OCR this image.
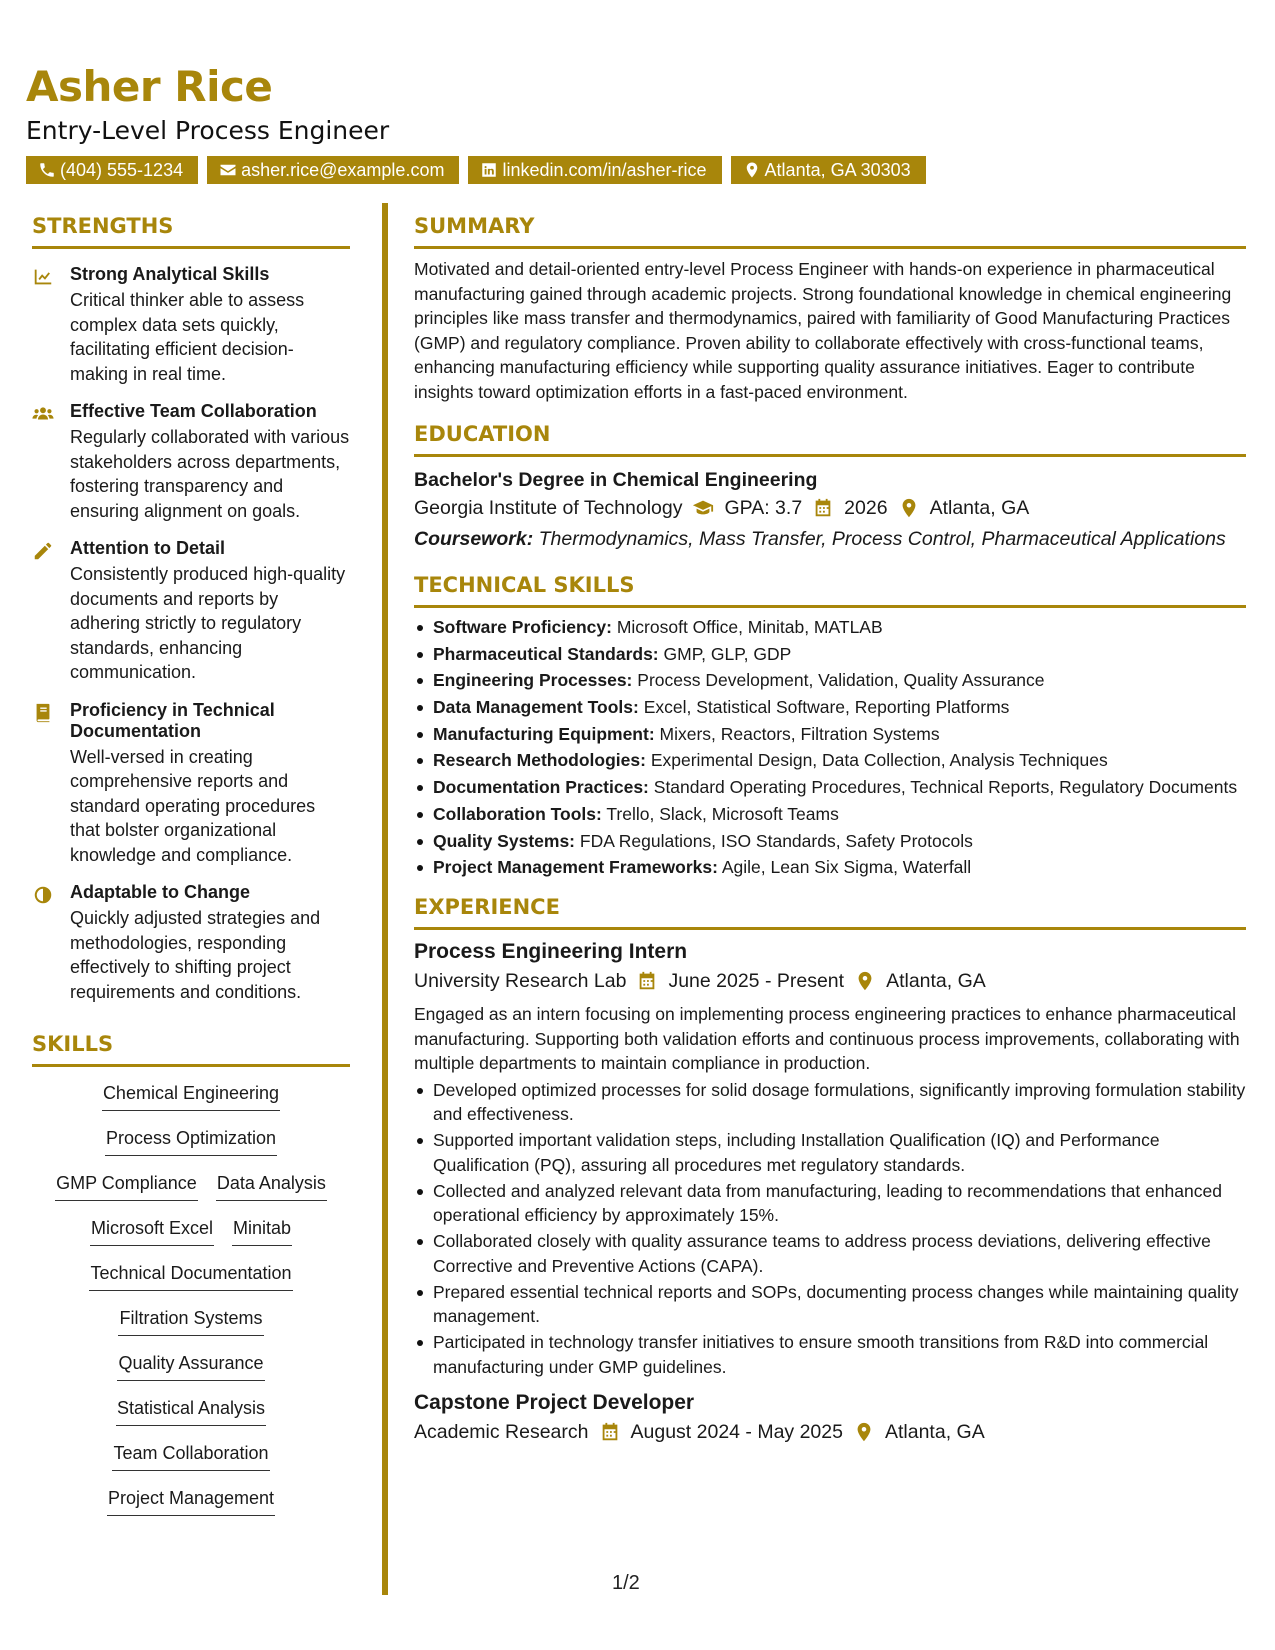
Asher Rice
Entry-Level Process Engineer
(404) 555-1234	asher.rice@example.com	linkedin.com/in/asher-rice	Atlanta, GA 30303
STRENGTHS
Strong Analytical Skills
Critical thinker able to assess complex data sets quickly, facilitating efficient decision-making in real time.
Effective Team Collaboration
Regularly collaborated with various stakeholders across departments, fostering transparency and ensuring alignment on goals.
Attention to Detail
Consistently produced high-quality documents and reports by adhering strictly to regulatory standards, enhancing communication.
Proficiency in Technical Documentation
Well-versed in creating comprehensive reports and standard operating procedures that bolster organizational knowledge and compliance.
Adaptable to Change
Quickly adjusted strategies and methodologies, responding effectively to shifting project requirements and conditions.
SKILLS
Chemical Engineering
Process Optimization
GMP Compliance Data Analysis
Microsoft Excel Minitab
Technical Documentation
Filtration Systems
Quality Assurance
Statistical Analysis
Team Collaboration
Project Management
SUMMARY
Motivated and detail-oriented entry-level Process Engineer with hands-on experience in pharmaceutical manufacturing gained through academic projects. Strong foundational knowledge in chemical engineering principles like mass transfer and thermodynamics, paired with familiarity of Good Manufacturing Practices (GMP) and regulatory compliance. Proven ability to collaborate effectively with cross-functional teams, enhancing manufacturing efficiency while supporting quality assurance initiatives. Eager to contribute insights toward optimization efforts in a fast-paced environment.
EDUCATION
Bachelor's Degree in Chemical Engineering
Georgia Institute of Technology GPA: 3.7 2026 Atlanta, GA
Coursework: Thermodynamics, Mass Transfer, Process Control, Pharmaceutical Applications
TECHNICAL SKILLS
Software Proficiency: Microsoft Office, Minitab, MATLAB
Pharmaceutical Standards: GMP, GLP, GDP
Engineering Processes: Process Development, Validation, Quality Assurance
Data Management Tools: Excel, Statistical Software, Reporting Platforms
Manufacturing Equipment: Mixers, Reactors, Filtration Systems
Research Methodologies: Experimental Design, Data Collection, Analysis Techniques
Documentation Practices: Standard Operating Procedures, Technical Reports, Regulatory Documents
Collaboration Tools: Trello, Slack, Microsoft Teams
Quality Systems: FDA Regulations, ISO Standards, Safety Protocols
Project Management Frameworks: Agile, Lean Six Sigma, Waterfall
EXPERIENCE
Process Engineering Intern
University Research Lab June 2025 - Present Atlanta, GA
Engaged as an intern focusing on implementing process engineering practices to enhance pharmaceutical manufacturing. Supporting both validation efforts and continuous process improvements, collaborating with multiple departments to maintain compliance in production.
Developed optimized processes for solid dosage formulations, significantly improving formulation stability and effectiveness.
Supported important validation steps, including Installation Qualification (IQ) and Performance Qualification (PQ), assuring all procedures met regulatory standards.
Collected and analyzed relevant data from manufacturing, leading to recommendations that enhanced operational efficiency by approximately 15%.
Collaborated closely with quality assurance teams to address process deviations, delivering effective Corrective and Preventive Actions (CAPA).
Prepared essential technical reports and SOPs, documenting process changes while maintaining quality management.
Participated in technology transfer initiatives to ensure smooth transitions from R&D into commercial manufacturing under GMP guidelines.
Capstone Project Developer
Academic Research August 2024 - May 2025 Atlanta, GA
1/2
